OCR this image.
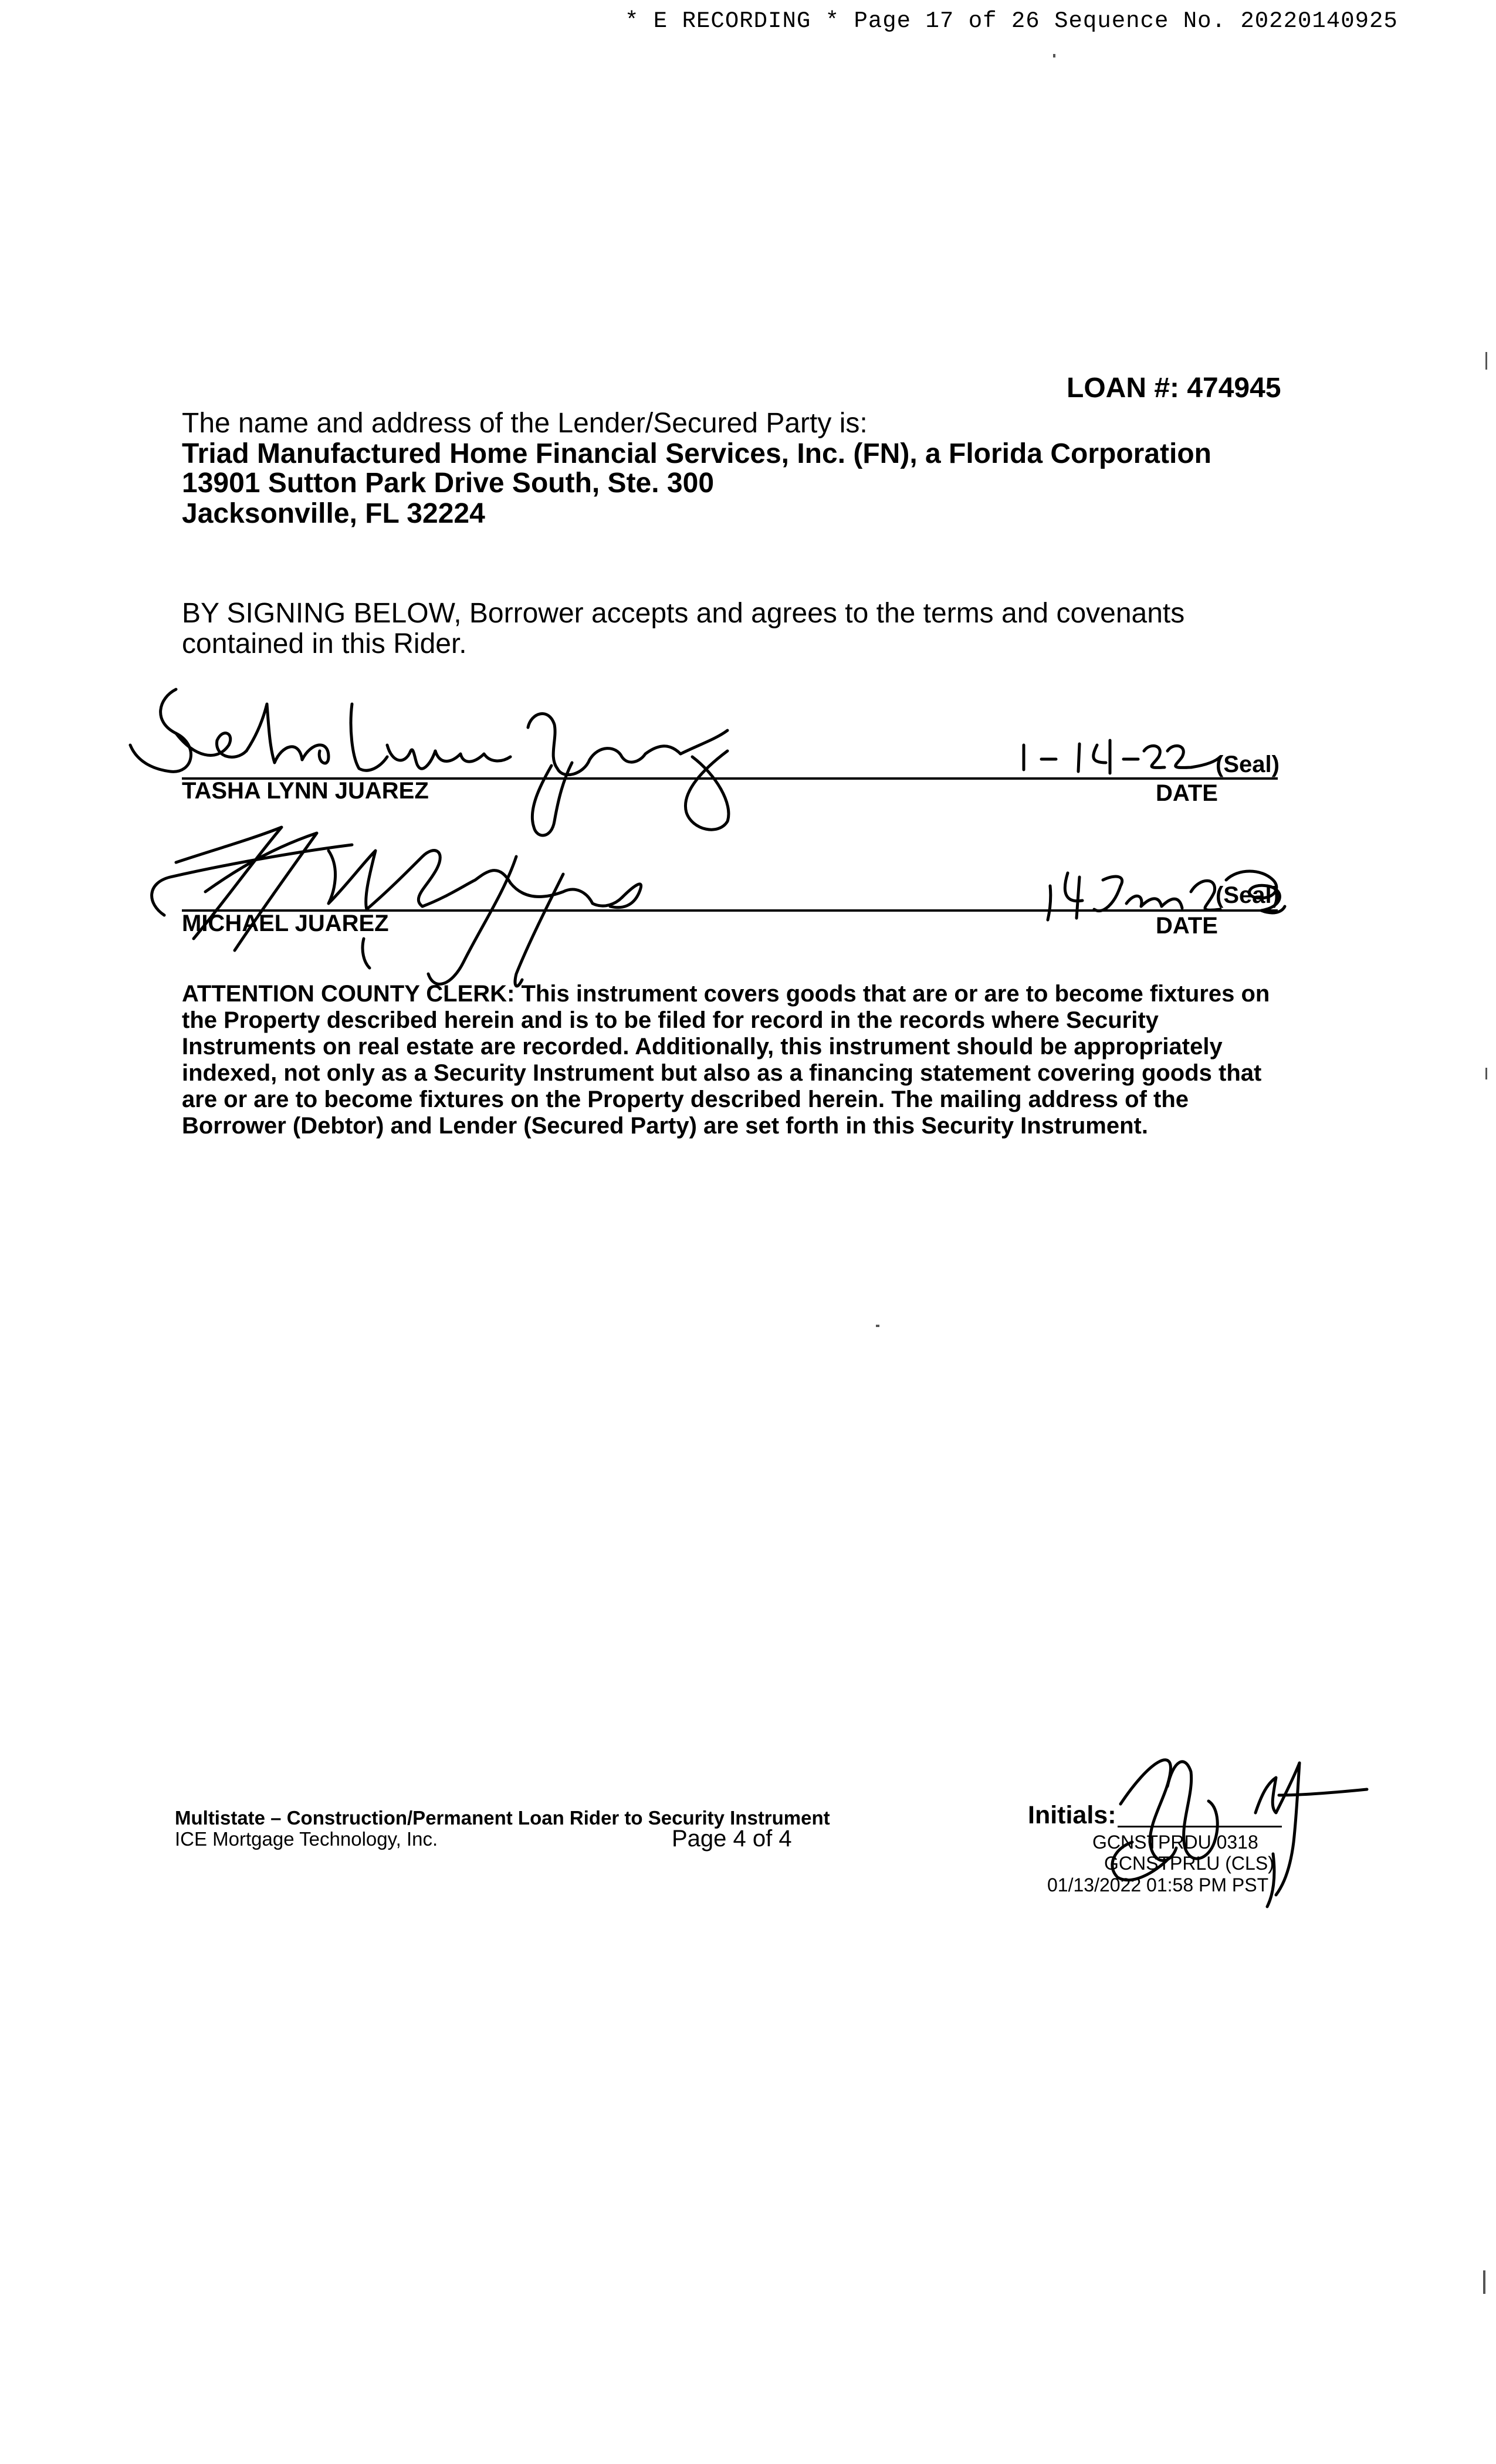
* E RECORDING * Page 17 of 26 Sequence No. 20220140925
LOAN #: 474945
The name and address of the Lender/Secured Party is:
Triad Manufactured Home Financial Services, Inc. (FN), a Florida Corporation
13901 Sutton Park Drive South, Ste. 300
Jacksonville, FL 32224
BY SIGNING BELOW, Borrower accepts and agrees to the terms and covenants contained in this Rider.
TASHA LYNN JUAREZ
(Seal)
DATE
MICHAEL JUAREZ
(Seal)
DATE
ATTENTION COUNTY CLERK: This instrument covers goods that are or are to become fixtures on the Property described herein and is to be filed for record in the records where Security Instruments on real estate are recorded. Additionally, this instrument should be appropriately indexed, not only as a Security Instrument but also as a financing statement covering goods that are or are to become fixtures on the Property described herein. The mailing address of the Borrower (Debtor) and Lender (Secured Party) are set forth in this Security Instrument.
Multistate – Construction/Permanent Loan Rider to Security Instrument
ICE Mortgage Technology, Inc.	Page 4 of 4
Initials:
GCNSTPRDU 0318
GCNSTPRLU (CLS)
01/13/2022 01:58 PM PST
